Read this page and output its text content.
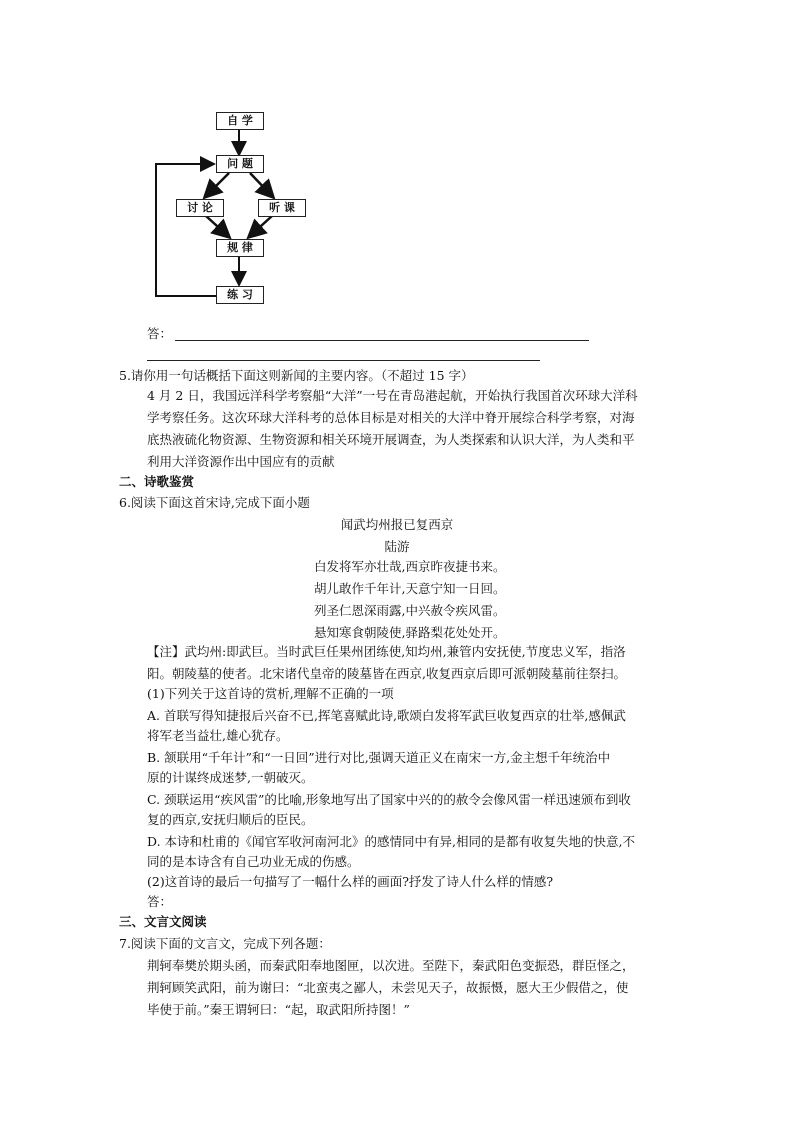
自 学
问 题
讨 论	听 课
规 律
练 习
答：
5.请你用一句话概括下面这则新闻的主要内容。（不超过 15 字）
4 月 2 日，我国远洋科学考察船“大洋”一号在青岛港起航，开始执行我国首次环球大洋科
学考察任务。这次环球大洋科考的总体目标是对相关的大洋中脊开展综合科学考察，对海
底热液硫化物资源、生物资源和相关环境开展调查，为人类探索和认识大洋，为人类和平
利用大洋资源作出中国应有的贡献
二、诗歌鉴赏
6.阅读下面这首宋诗,完成下面小题
闻武均州报已复西京
陆游
白发将军亦壮哉,西京昨夜捷书来。
胡儿敢作千年计,天意宁知一日回。
列圣仁恩深雨露,中兴赦令疾风雷。
悬知寒食朝陵使,驿路梨花处处开。
【注】武均州:即武巨。当时武巨任果州团练使,知均州,兼管内安抚使,节度忠义军，指洛
阳。朝陵墓的使者。北宋诸代皇帝的陵墓皆在西京,收复西京后即可派朝陵墓前往祭扫。
(1)下列关于这首诗的赏析,理解不正确的一项
A. 首联写得知捷报后兴奋不已,挥笔喜赋此诗,歌颂白发将军武巨收复西京的壮举,感佩武
将军老当益壮,雄心犹存。
B. 颔联用“千年计”和“一日回”进行对比,强调天道正义在南宋一方,金主想千年统治中
原的计谋终成迷梦,一朝破灭。
C. 颈联运用“疾风雷”的比喻,形象地写出了国家中兴的的赦令会像风雷一样迅速颁布到收
复的西京,安抚归顺后的臣民。
D. 本诗和杜甫的《闻官军收河南河北》的感情同中有异,相同的是都有收复失地的快意,不
同的是本诗含有自己功业无成的伤感。
(2)这首诗的最后一句描写了一幅什么样的画面?抒发了诗人什么样的情感?
答：
三、文言文阅读
7.阅读下面的文言文，完成下列各题：
荆轲奉樊於期头函，而秦武阳奉地图匣，以次进。至陛下，秦武阳色变振恐，群臣怪之，
荆轲顾笑武阳，前为谢曰：“北蛮夷之鄙人，未尝见天子，故振慑，愿大王少假借之，使
毕使于前。”秦王谓轲曰：“起，取武阳所持图！”
